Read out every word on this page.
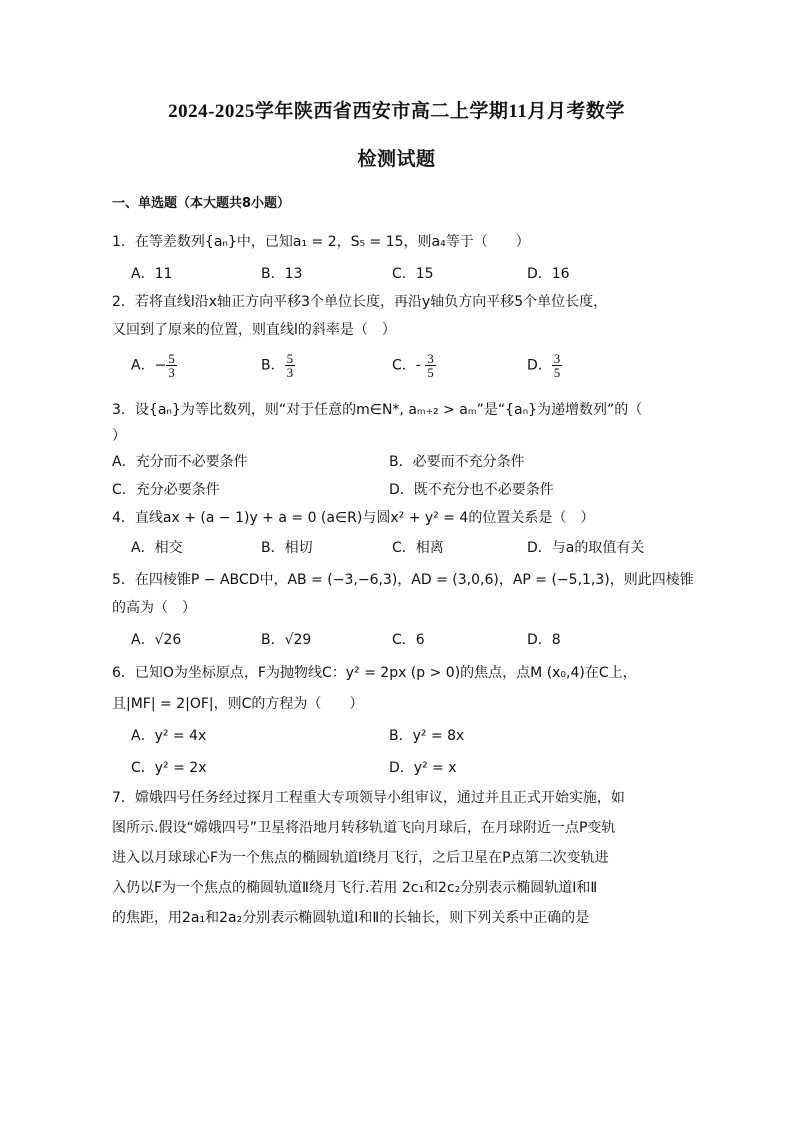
2024-2025学年陕西省西安市高二上学期11月月考数学
检测试题
一、单选题（本大题共8小题）
1．在等差数列{aₙ}中，已知a₁ = 2，S₅ = 15，则a₄等于（　　）
A．11	B．13	C．15	D．16
2．若将直线l沿x轴正方向平移3个单位长度，再沿y轴负方向平移5个单位长度，
又回到了原来的位置，则直线l的斜率是（　）
A．− $\frac{5}{3}$	B． $\frac{5}{3}$	C．- $\frac{3}{5}$	D． $\frac{3}{5}$
3．设{aₙ}为等比数列，则“对于任意的m∈N*, aₘ₊₂ > aₘ”是“{aₙ}为递增数列”的（
）
A．充分而不必要条件	B．必要而不充分条件
C．充分必要条件	D．既不充分也不必要条件
4．直线ax + (a − 1)y + a = 0 (a∈R)与圆x² + y² = 4的位置关系是（　）
A．相交	B．相切	C．相离	D．与a的取值有关
5．在四棱锥P − ABCD中，AB = (−3,−6,3)，AD = (3,0,6)，AP = (−5,1,3)，则此四棱锥
的高为（　）
A．√26	B．√29	C．6	D．8
6．已知O为坐标原点，F为抛物线C：y² = 2px (p > 0)的焦点，点M (x₀,4)在C上，
且|MF| = 2|OF|，则C的方程为（　　）
A．y² = 4x	B．y² = 8x
C．y² = 2x	D．y² = x
7．嫦娥四号任务经过探月工程重大专项领导小组审议，通过并且正式开始实施，如
图所示.假设“嫦娥四号”卫星将沿地月转移轨道飞向月球后，在月球附近一点P变轨
进入以月球球心F为一个焦点的椭圆轨道Ⅰ绕月飞行，之后卫星在P点第二次变轨进
入仍以F为一个焦点的椭圆轨道Ⅱ绕月飞行.若用 2c₁和2c₂分别表示椭圆轨道Ⅰ和Ⅱ
的焦距，用2a₁和2a₂分别表示椭圆轨道Ⅰ和Ⅱ的长轴长，则下列关系中正确的是
